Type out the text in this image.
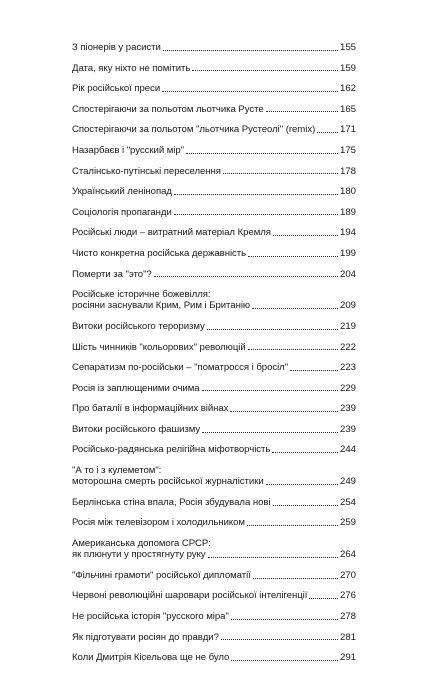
З піонерів у расисти	155
Дата, яку ніхто не помітить	159
Рік російської преси	162
Спостерігаючи за польотом льотчика Русте	165
Спостерігаючи за польотом "льотчика Рустеолі" (remix)	171
Назарбаєв і "русский мір"	175
Сталінсько-путінські переселення	178
Український ленінопад	180
Соціологія пропаганди	189
Російські люди – витратний матеріал Кремля	194
Чисто конкретна російська державність	199
Померти за "это"?	204
Російське історичне божевілля:
росіяни заснували Крим, Рим і Британію	209
Витоки російського тероризму	219
Шість чинників "кольорових" революцій	222
Сепаратизм по-російськи – "пoматросся і бросіл"	223
Росія із заплющеними очима	229
Про баталії в інформаційних війнах	239
Витоки російського фашизму	239
Російсько-радянська релігійна міфотворчість	244
"А то і з кулеметом":
моторошна смерть російської журналістики	249
Берлінська стіна впала, Росія збудувала нові	254
Росія між телевізором і холодильником	259
Американська допомога СРСР:
як плюнути у простягнуту руку	264
"Фільчині грамоти" російської дипломатії	270
Червоні революційні шаровари російської інтелігенції	276
Не російська історія "русского міра"	278
Як підготувати росіян до правди?	281
Коли Дмитрія Кісельова ще не було	291
